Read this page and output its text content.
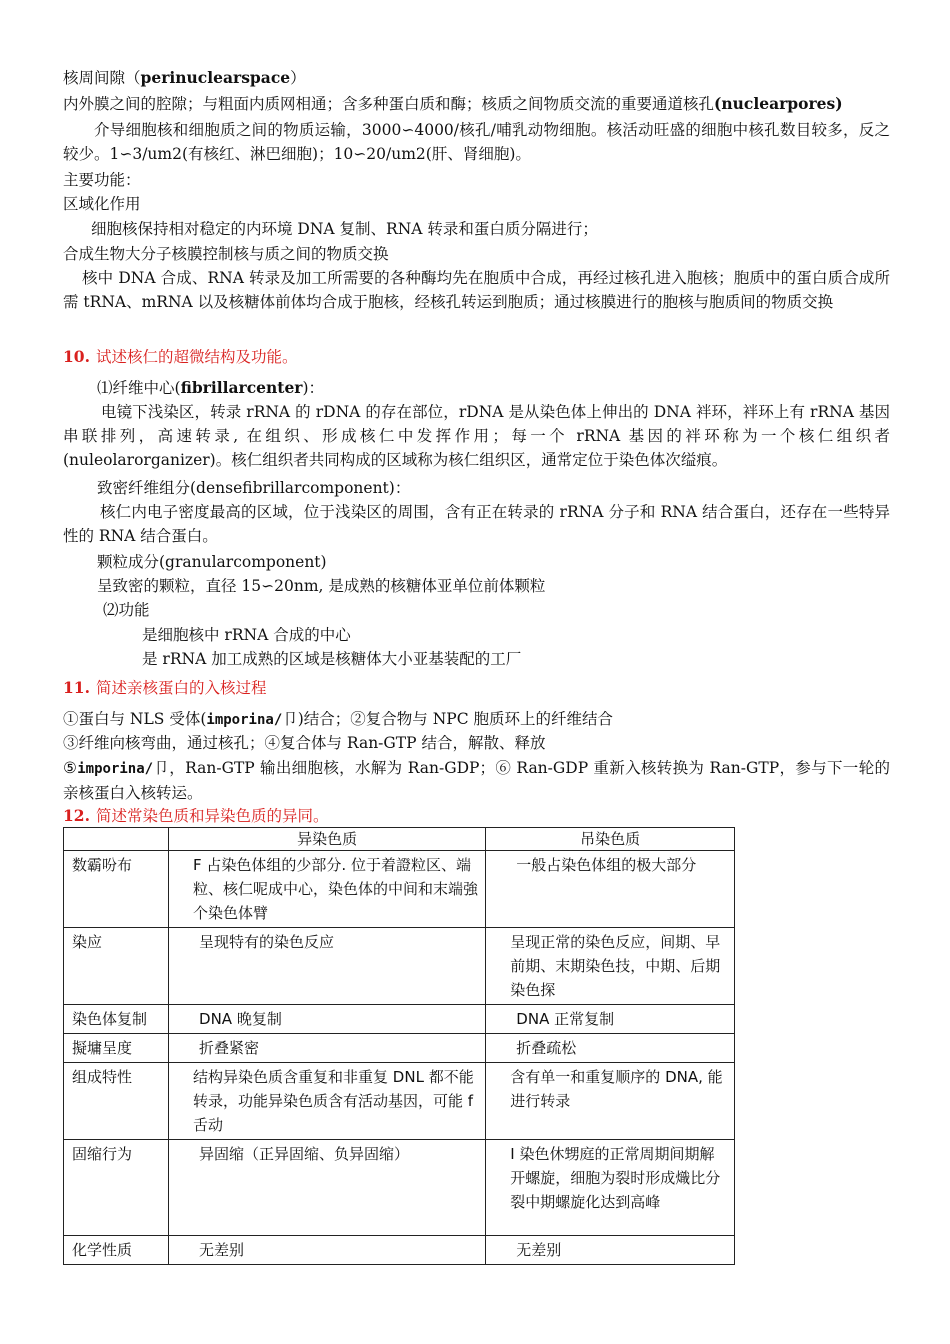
核周间隙（perinuclearspace）
内外膜之间的腔隙；与粗面内质网相通；含多种蛋白质和酶；核质之间物质交流的重要通道核孔(nuclearpores)
介导细胞核和细胞质之间的物质运输，3000∽4000/核孔/哺乳动物细胞。核活动旺盛的细胞中核孔数目较多，反之较少。1∽3/um2(有核红、淋巴细胞)；10∽20/um2(肝、肾细胞)。
主要功能：
区域化作用
细胞核保持相对稳定的内环境 DNA 复制、RNA 转录和蛋白质分隔进行；
合成生物大分子核膜控制核与质之间的物质交换
核中 DNA 合成、RNA 转录及加工所需要的各种酶均先在胞质中合成，再经过核孔进入胞核；胞质中的蛋白质合成所需 tRNA、mRNA 以及核糖体前体均合成于胞核，经核孔转运到胞质；通过核膜进行的胞核与胞质间的物质交换
10. 试述核仁的超微结构及功能。
⑴纤维中心(fibrillarcenter)：
电镜下浅染区，转录 rRNA 的 rDNA 的存在部位，rDNA 是从染色体上伸出的 DNA 袢环，袢环上有 rRNA 基因串联排列，高速转录, 在组织、形成核仁中发挥作用；每一个 rRNA 基因的袢环称为一个核仁组织者(nuleolarorganizer)。核仁组织者共同构成的区域称为核仁组织区，通常定位于染色体次缢痕。
致密纤维组分(densefibrillarcomponent)：
核仁内电子密度最高的区域，位于浅染区的周围，含有正在转录的 rRNA 分子和 RNA 结合蛋白，还存在一些特异性的 RNA 结合蛋白。
颗粒成分(granularcomponent)
呈致密的颗粒，直径 15∽20nm, 是成熟的核糖体亚单位前体颗粒
⑵功能
是细胞核中 rRNA 合成的中心
是 rRNA 加工成熟的区域是核糖体大小亚基装配的工厂
11. 简述亲核蛋白的入核过程
①蛋白与 NLS 受体(imporina/卩)结合；②复合物与 NPC 胞质环上的纤维结合
③纤维向核弯曲，通过核孔；④复合体与 Ran-GTP 结合，解散、释放
⑤imporina/卩，Ran-GTP 输出细胞核，水解为 Ran-GDP；⑥ Ran-GDP 重新入核转换为 Ran-GTP，参与下一轮的亲核蛋白入核转运。
12. 简述常染色质和异染色质的异同。
	异染色质	吊染色质
数霸吩布	F 占染色体组的少部分. 位于着證粒区、端粒、核仁呢成中心，染色体的中间和末端強个染色体臂	一般占染色体组的极大部分
染应	呈现特有的染色反应	呈现正常的染色反应，间期、早前期、末期染色技，中期、后期染色探
染色体复制	DNA 晚复制	DNA 正常复制
擬墉呈度	折叠紧密	折叠疏松
组成特性	结构异染色质含重复和非重复 DNL 都不能转录，功能异染色质含有活动基因，可能 f 舌动	含有单一和重复顺序的 DNA, 能进行转录
固缩行为	异固缩（正异固缩、负异固缩）	I 染色休甥庭的正常周期间期解开螺旋，细胞为裂时形成熾比分裂中期螺旋化达到高峰
化学性质	无差别	无差别
